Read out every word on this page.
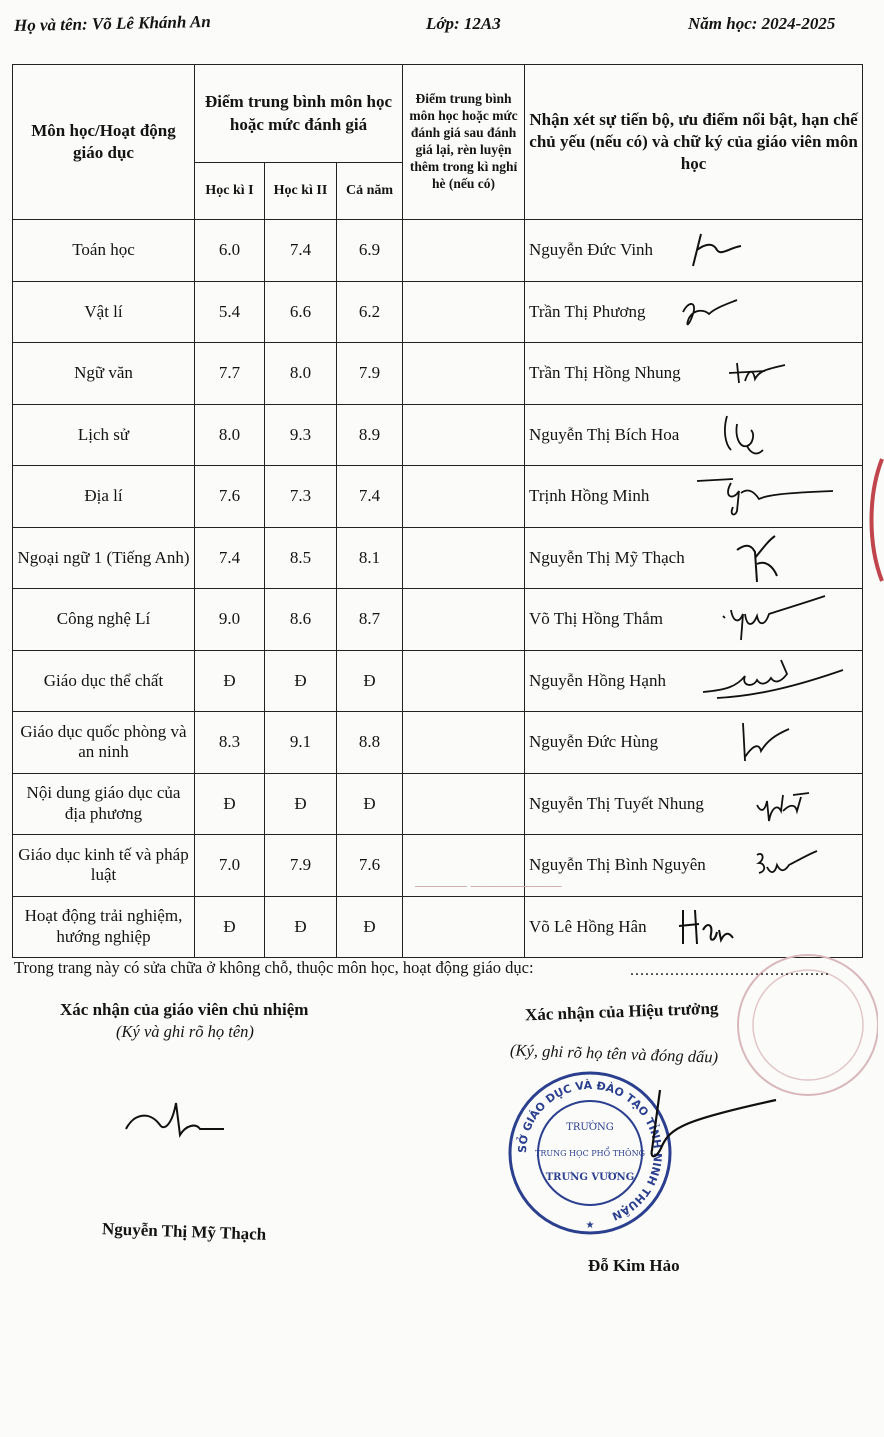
Họ và tên: Võ Lê Khánh An	Lớp: 12A3	Năm học: 2024-2025
Môn học/Hoạt động giáo dục	Điểm trung bình môn học hoặc mức đánh giá			Điểm trung bình môn học hoặc mức đánh giá sau đánh giá lại, rèn luyện thêm trong kì nghỉ hè (nếu có)	Nhận xét sự tiến bộ, ưu điểm nổi bật, hạn chế chủ yếu (nếu có) và chữ ký của giáo viên môn học
	Học kì I	Học kì II	Cả năm		
Toán học	6.0	7.4	6.9		Nguyễn Đức Vinh

Vật lí	5.4	6.6	6.2		Trần Thị Phương

Ngữ văn	7.7	8.0	7.9		Trần Thị Hồng Nhung

Lịch sử	8.0	9.3	8.9		Nguyễn Thị Bích Hoa

Địa lí	7.6	7.3	7.4		Trịnh Hồng Minh

Ngoại ngữ 1 (Tiếng Anh)	7.4	8.5	8.1		Nguyễn Thị Mỹ Thạch

Công nghệ Lí	9.0	8.6	8.7		Võ Thị Hồng Thắm

Giáo dục thể chất	Đ	Đ	Đ		Nguyễn Hồng Hạnh

Giáo dục quốc phòng và an ninh	8.3	9.1	8.8		Nguyễn Đức Hùng

Nội dung giáo dục của địa phương	Đ	Đ	Đ		Nguyễn Thị Tuyết Nhung

Giáo dục kinh tế và pháp luật	7.0	7.9	7.6		Nguyễn Thị Bình Nguyên

Hoạt động trải nghiệm, hướng nghiệp	Đ	Đ	Đ		Võ Lê Hồng Hân
———— ———————
Trong trang này có sửa chữa ở không chỗ, thuộc môn học, hoạt động giáo dục:	........................................
Xác nhận của giáo viên chủ nhiệm
(Ký và ghi rõ họ tên)
Nguyễn Thị Mỹ Thạch
Xác nhận của Hiệu trưởng
(Ký, ghi rõ họ tên và đóng dấu)
SỞ GIÁO DỤC VÀ ĐÀO TẠO TỈNH NINH THUẬN
TRƯỜNG
TRUNG HỌC PHỔ THÔNG
TRƯNG VƯƠNG
★
Đỗ Kim Hảo
